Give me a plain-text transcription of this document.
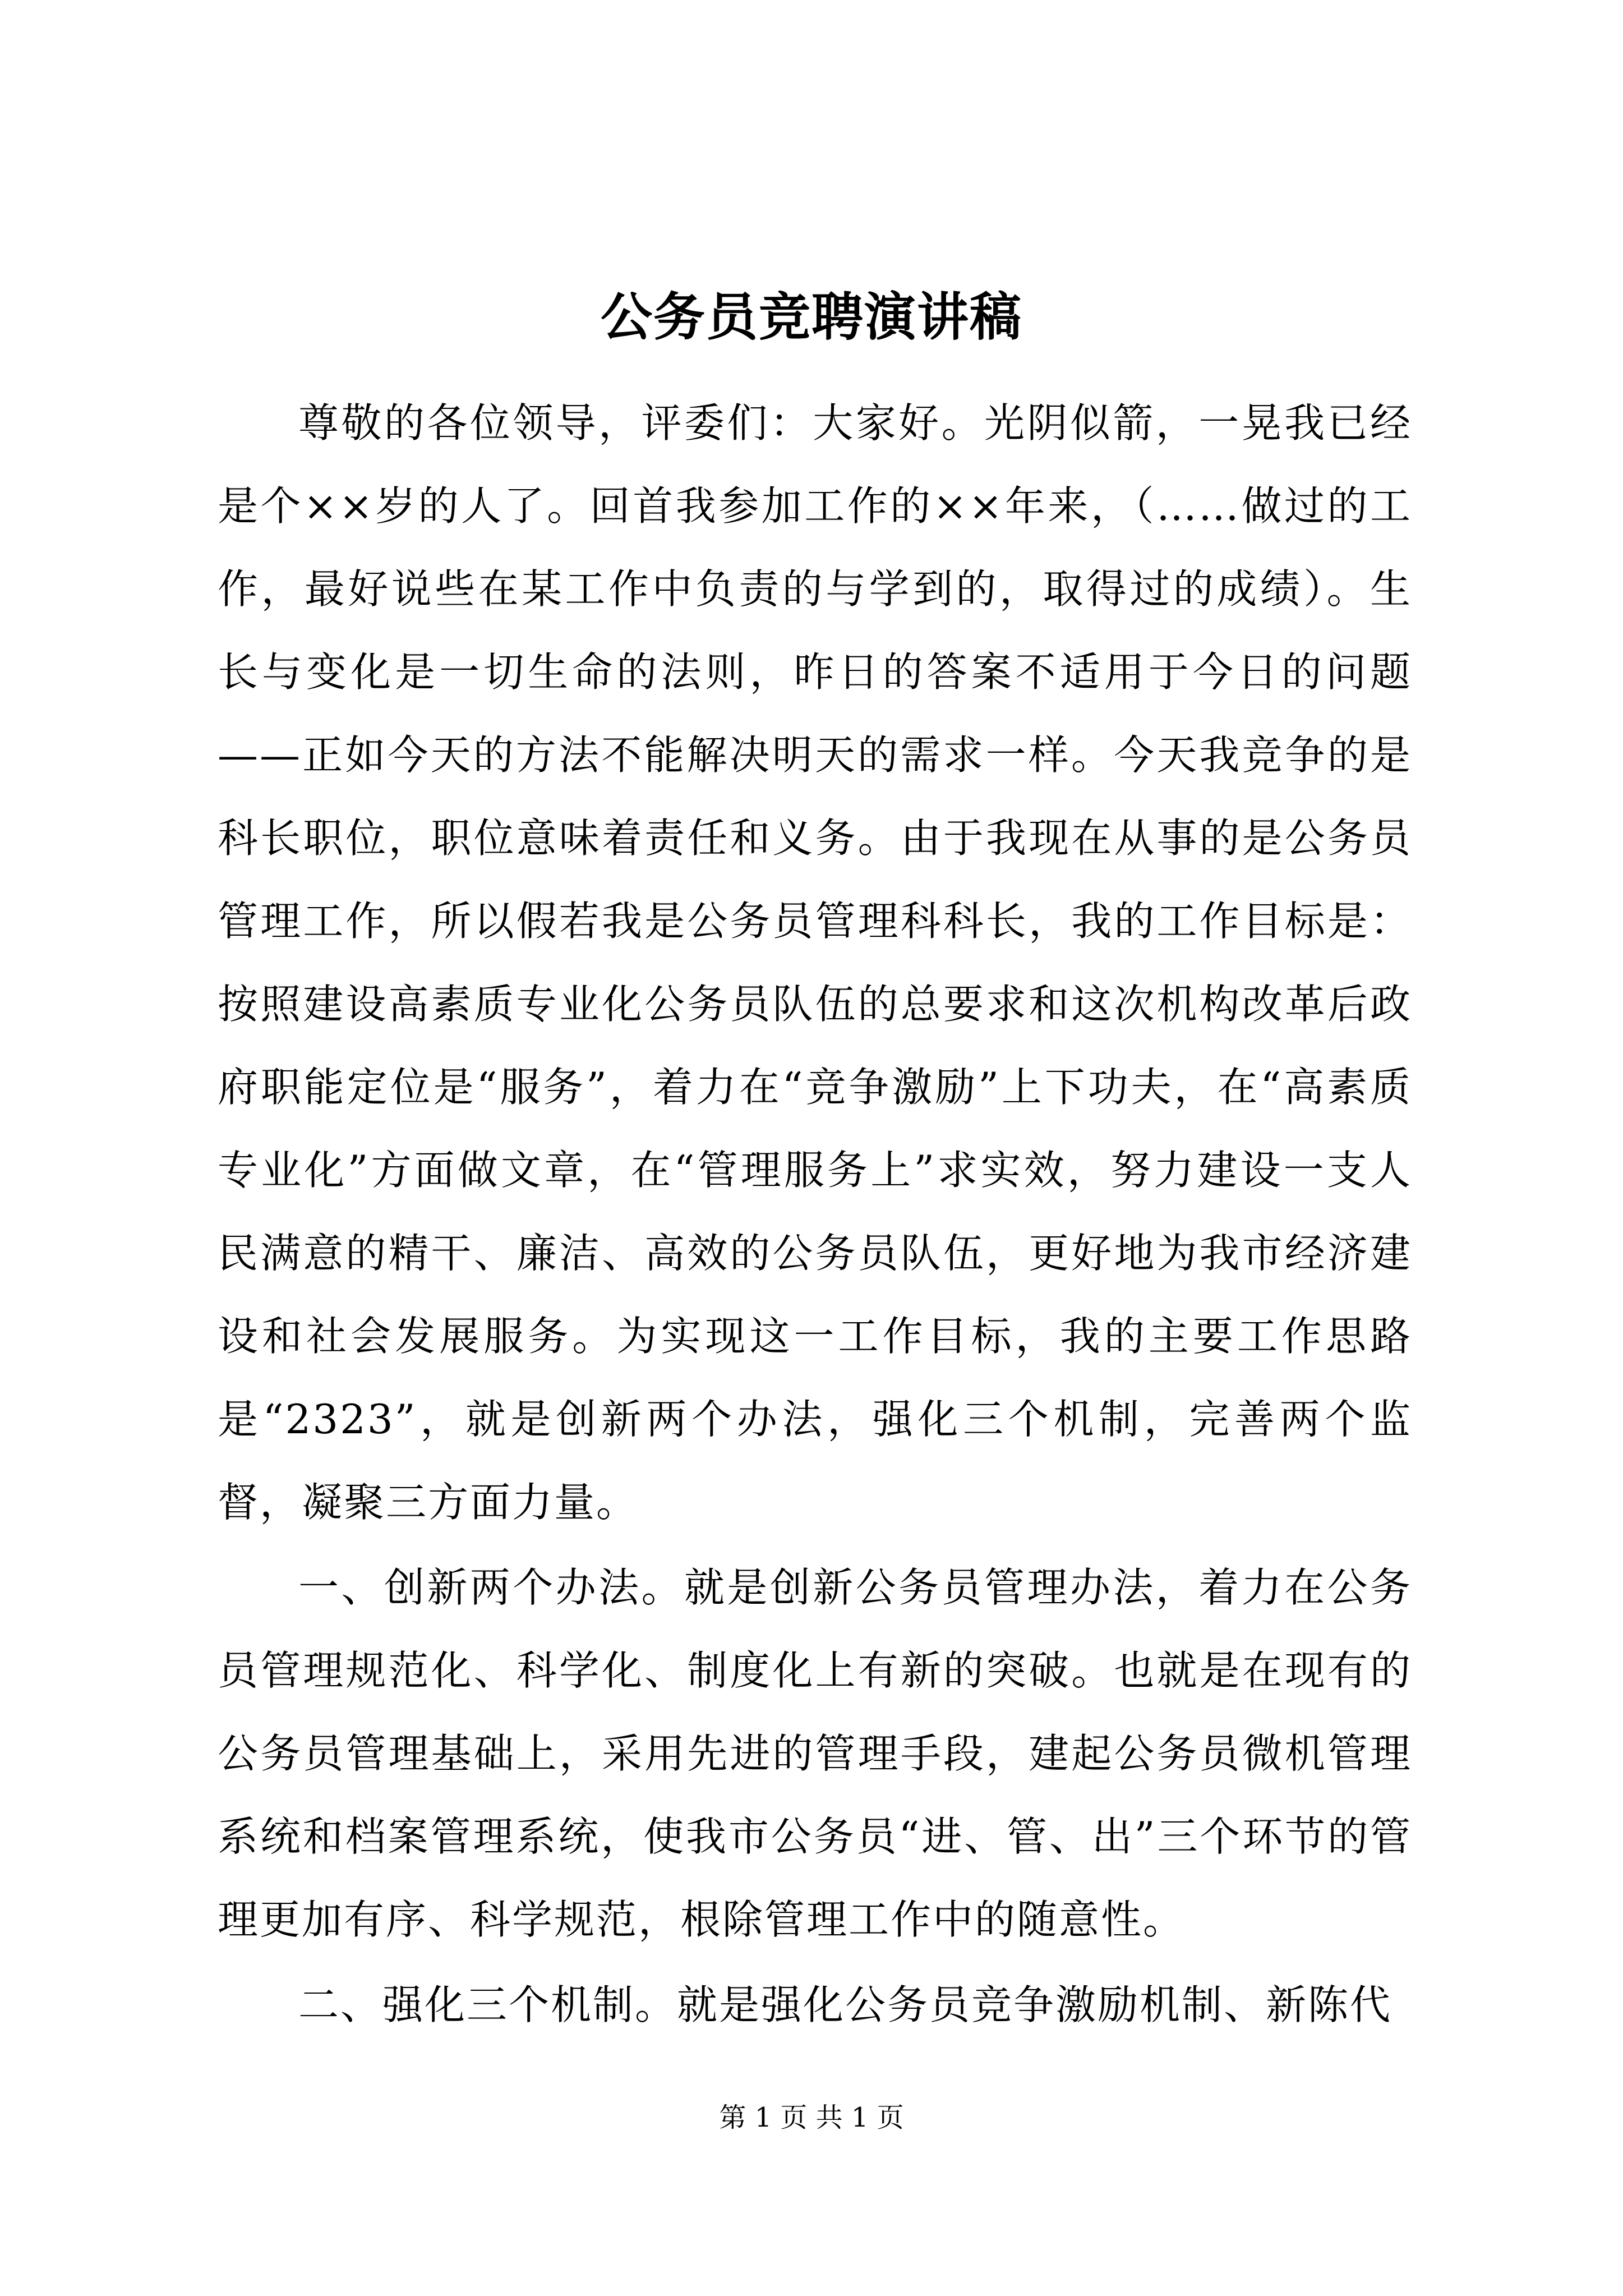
公务员竞聘演讲稿

尊敬的各位领导，评委们：大家好。光阴似箭，一晃我已经是个××岁的人了。回首我参加工作的××年来，（……做过的工作，最好说些在某工作中负责的与学到的，取得过的成绩）。生长与变化是一切生命的法则，昨日的答案不适用于今日的问题——正如今天的方法不能解决明天的需求一样。今天我竞争的是科长职位，职位意味着责任和义务。由于我现在从事的是公务员管理工作，所以假若我是公务员管理科科长，我的工作目标是：按照建设高素质专业化公务员队伍的总要求和这次机构改革后政府职能定位是“服务”，着力在“竞争激励”上下功夫，在“高素质专业化”方面做文章，在“管理服务上”求实效，努力建设一支人民满意的精干、廉洁、高效的公务员队伍，更好地为我市经济建设和社会发展服务。为实现这一工作目标，我的主要工作思路是“2323”，就是创新两个办法，强化三个机制，完善两个监督，凝聚三方面力量。

一、创新两个办法。就是创新公务员管理办法，着力在公务员管理规范化、科学化、制度化上有新的突破。也就是在现有的公务员管理基础上，采用先进的管理手段，建起公务员微机管理系统和档案管理系统，使我市公务员“进、管、出”三个环节的管理更加有序、科学规范，根除管理工作中的随意性。

二、强化三个机制。就是强化公务员竞争激励机制、新陈代

第 1 页 共 1 页
